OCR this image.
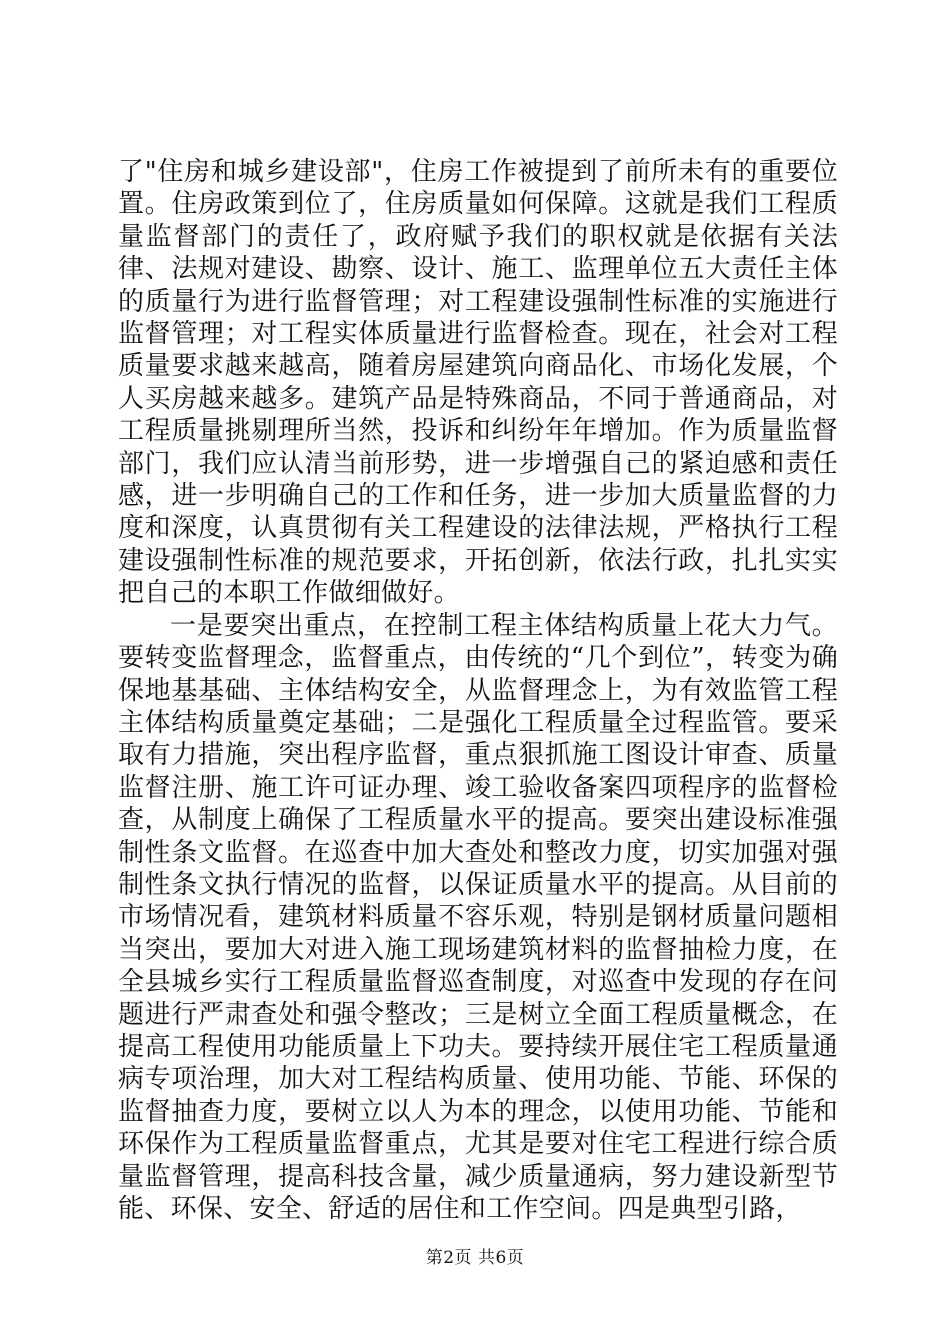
了"住房和城乡建设部"，住房工作被提到了前所未有的重要位置。住房政策到位了，住房质量如何保障。这就是我们工程质量监督部门的责任了，政府赋予我们的职权就是依据有关法律、法规对建设、勘察、设计、施工、监理单位五大责任主体的质量行为进行监督管理；对工程建设强制性标准的实施进行监督管理；对工程实体质量进行监督检查。现在，社会对工程质量要求越来越高，随着房屋建筑向商品化、市场化发展，个人买房越来越多。建筑产品是特殊商品，不同于普通商品，对工程质量挑剔理所当然，投诉和纠纷年年增加。作为质量监督部门，我们应认清当前形势，进一步增强自己的紧迫感和责任感，进一步明确自己的工作和任务，进一步加大质量监督的力度和深度，认真贯彻有关工程建设的法律法规，严格执行工程建设强制性标准的规范要求，开拓创新，依法行政，扎扎实实把自己的本职工作做细做好。

一是要突出重点，在控制工程主体结构质量上花大力气。要转变监督理念，监督重点，由传统的“几个到位”，转变为确保地基基础、主体结构安全，从监督理念上，为有效监管工程主体结构质量奠定基础；二是强化工程质量全过程监管。要采取有力措施，突出程序监督，重点狠抓施工图设计审查、质量监督注册、施工许可证办理、竣工验收备案四项程序的监督检查，从制度上确保了工程质量水平的提高。要突出建设标准强制性条文监督。在巡查中加大查处和整改力度，切实加强对强制性条文执行情况的监督，以保证质量水平的提高。从目前的市场情况看，建筑材料质量不容乐观，特别是钢材质量问题相当突出，要加大对进入施工现场建筑材料的监督抽检力度，在全县城乡实行工程质量监督巡查制度，对巡查中发现的存在问题进行严肃查处和强令整改；三是树立全面工程质量概念，在提高工程使用功能质量上下功夫。要持续开展住宅工程质量通病专项治理，加大对工程结构质量、使用功能、节能、环保的监督抽查力度，要树立以人为本的理念，以使用功能、节能和环保作为工程质量监督重点，尤其是要对住宅工程进行综合质量监督管理，提高科技含量，减少质量通病，努力建设新型节能、环保、安全、舒适的居住和工作空间。四是典型引路，

第2页 共6页
